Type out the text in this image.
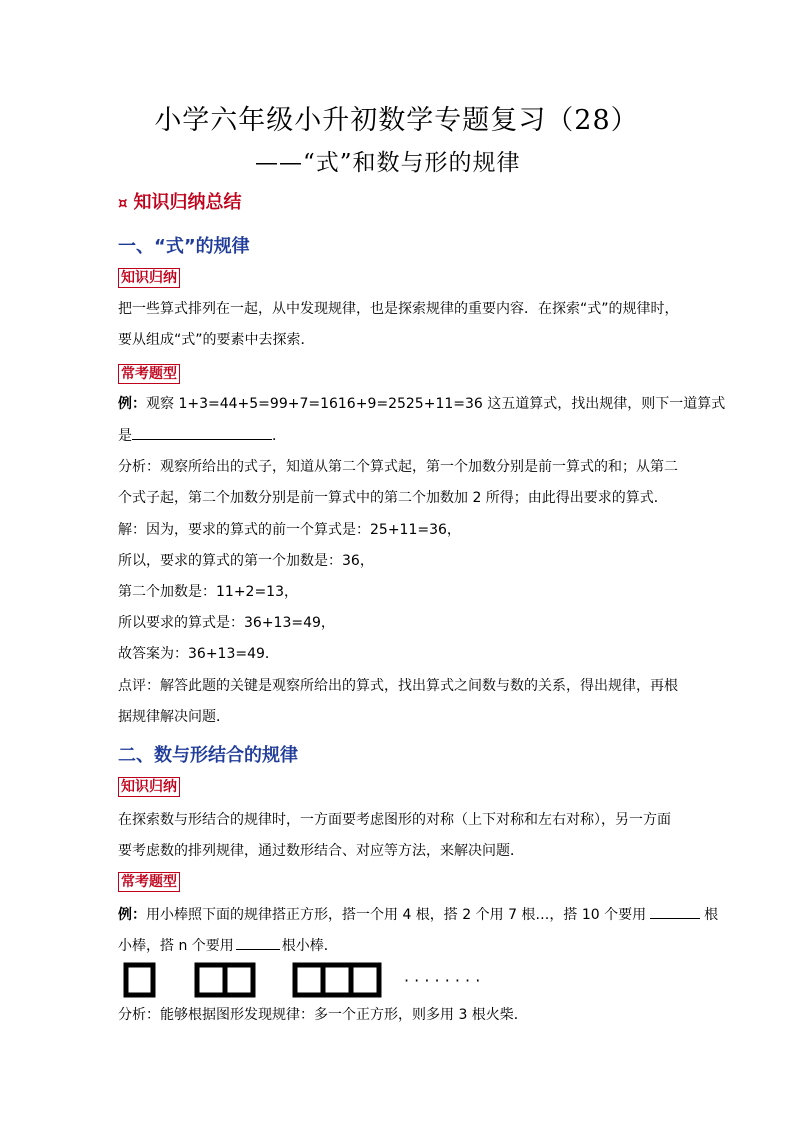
小学六年级小升初数学专题复习（28）
——“式”和数与形的规律
¤ 知识归纳总结
一、“式”的规律
知识归纳
把一些算式排列在一起，从中发现规律，也是探索规律的重要内容．在探索“式”的规律时，
要从组成“式”的要素中去探索．
常考题型
例：观察 1+3=44+5=99+7=1616+9=2525+11=36 这五道算式，找出规律，则下一道算式
是	．
分析：观察所给出的式子，知道从第二个算式起，第一个加数分别是前一算式的和；从第二
个式子起，第二个加数分别是前一算式中的第二个加数加 2 所得；由此得出要求的算式．
解：因为，要求的算式的前一个算式是：25+11=36，
所以，要求的算式的第一个加数是：36，
第二个加数是：11+2=13，
所以要求的算式是：36+13=49，
故答案为：36+13=49．
点评：解答此题的关键是观察所给出的算式，找出算式之间数与数的关系，得出规律，再根
据规律解决问题．
二、数与形结合的规律
知识归纳
在探索数与形结合的规律时，一方面要考虑图形的对称（上下对称和左右对称），另一方面
要考虑数的排列规律，通过数形结合、对应等方法，来解决问题．
常考题型
例：用小棒照下面的规律搭正方形，搭一个用 4 根，搭 2 个用 7 根…，搭 10 个要用	根
小棒，搭 n 个要用	根小棒．
· · · · · · · ·
分析：能够根据图形发现规律：多一个正方形，则多用 3 根火柴．
